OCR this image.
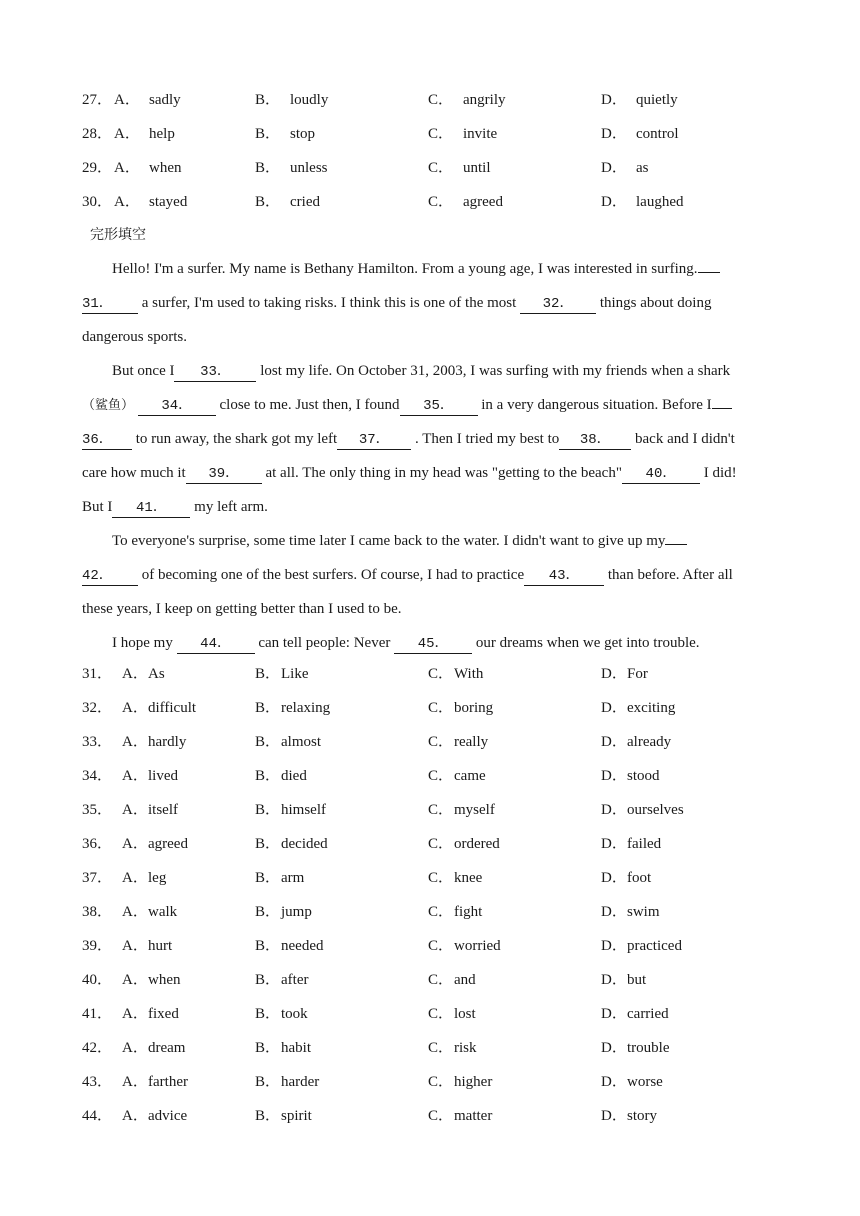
27． A． sadly	B． loudly	C． angrily	D． quietly
28． A． help	B． stop	C． invite	D． control
29． A． when	B． unless	C． until	D． as
30． A． stayed	B． cried	C． agreed	D． laughed
完形填空
Hello! I'm a surfer. My name is Bethany Hamilton. From a young age, I was interested in surfing.
31． a surfer, I'm used to taking risks. I think this is one of the most 32． things about doing
dangerous sports.
But once I 33． lost my life. On October 31, 2003, I was surfing with my friends when a shark
（鲨鱼） 34． close to me. Just then, I found 35． in a very dangerous situation. Before I
36． to run away, the shark got my left 37． . Then I tried my best to 38． back and I didn't
care how much it 39． at all. The only thing in my head was "getting to the beach" 40． I did!
But I 41． my left arm.
To everyone's surprise, some time later I came back to the water. I didn't want to give up my
42． of becoming one of the best surfers. Of course, I had to practice 43． than before. After all
these years, I keep on getting better than I used to be.
I hope my 44． can tell people: Never 45． our dreams when we get into trouble.
31． A．As	B．Like	C．With	D．For
32． A．difficult	B．relaxing	C．boring	D．exciting
33． A．hardly	B．almost	C．really	D．already
34． A．lived	B．died	C．came	D．stood
35． A．itself	B．himself	C．myself	D．ourselves
36． A．agreed	B．decided	C．ordered	D．failed
37． A．leg	B．arm	C．knee	D．foot
38． A．walk	B．jump	C．fight	D．swim
39． A．hurt	B．needed	C．worried	D．practiced
40． A．when	B．after	C．and	D．but
41． A．fixed	B．took	C．lost	D．carried
42． A．dream	B．habit	C．risk	D．trouble
43． A．farther	B．harder	C．higher	D．worse
44． A．advice	B．spirit	C．matter	D．story
